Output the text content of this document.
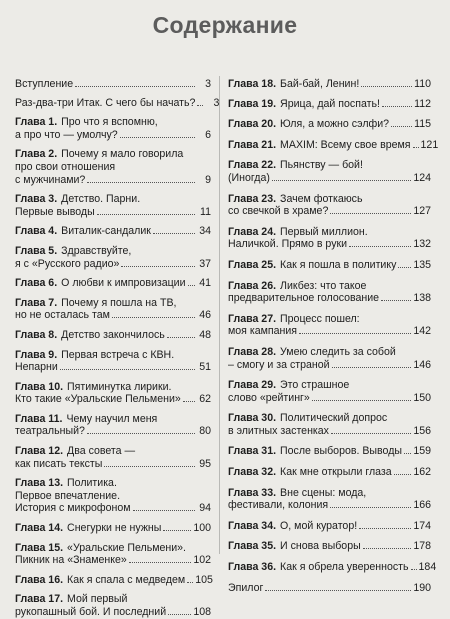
Содержание
Вступление	3
Раз-два-три Итак. С чего бы начать?	3
Глава 1. Про что я вспомню,
а про что — умолчу?	6
Глава 2. Почему я мало говорила
про свои отношения
с мужчинами?	9
Глава 3. Детство. Парни.
Первые выводы	11
Глава 4. Виталик-сандалик	34
Глава 5. Здравствуйте,
я с «Русского радио»	37
Глава 6. О любви к импровизации 41
Глава 7. Почему я пошла на ТВ,
но не осталась там	46
Глава 8. Детство закончилось	48
Глава 9. Первая встреча с КВН.
Непарни	51
Глава 10. Пятиминутка лирики.
Кто такие «Уральские Пельмени» 62
Глава 11. Чему научил меня
театральный?	80
Глава 12. Два совета —
как писать тексты	95
Глава 13. Политика.
Первое впечатление.
История с микрофоном	94
Глава 14. Снегурки не нужны	100
Глава 15. «Уральские Пельмени».
Пикник на «Знаменке»	102
Глава 16. Как я спала с медведем 105
Глава 17. Мой первый
рукопашный бой. И последний	108
Глава 18. Бай-бай, Ленин!	110
Глава 19. Ярица, дай поспать!	112
Глава 20. Юля, а можно сэлфи? 115
Глава 21. MAXIM: Всему свое время 121
Глава 22. Пьянству — бой!
(Иногда)	124
Глава 23. Зачем фоткаюсь
со свечкой в храме?	127
Глава 24. Первый миллион.
Наличкой. Прямо в руки	132
Глава 25. Как я пошла в политику 135
Глава 26. Ликбез: что такое
предварительное голосование	138
Глава 27. Процесс пошел:
моя кампания	142
Глава 28. Умею следить за собой
– смогу и за страной	146
Глава 29. Это страшное
слово «рейтинг»	150
Глава 30. Политический допрос
в элитных застенках	156
Глава 31. После выборов. Выводы 159
Глава 32. Как мне открыли глаза 162
Глава 33. Вне сцены: мода,
фестивали, колония	166
Глава 34. О, мой куратор!	174
Глава 35. И снова выборы	178
Глава 36. Как я обрела уверенность 184
Эпилог	190
